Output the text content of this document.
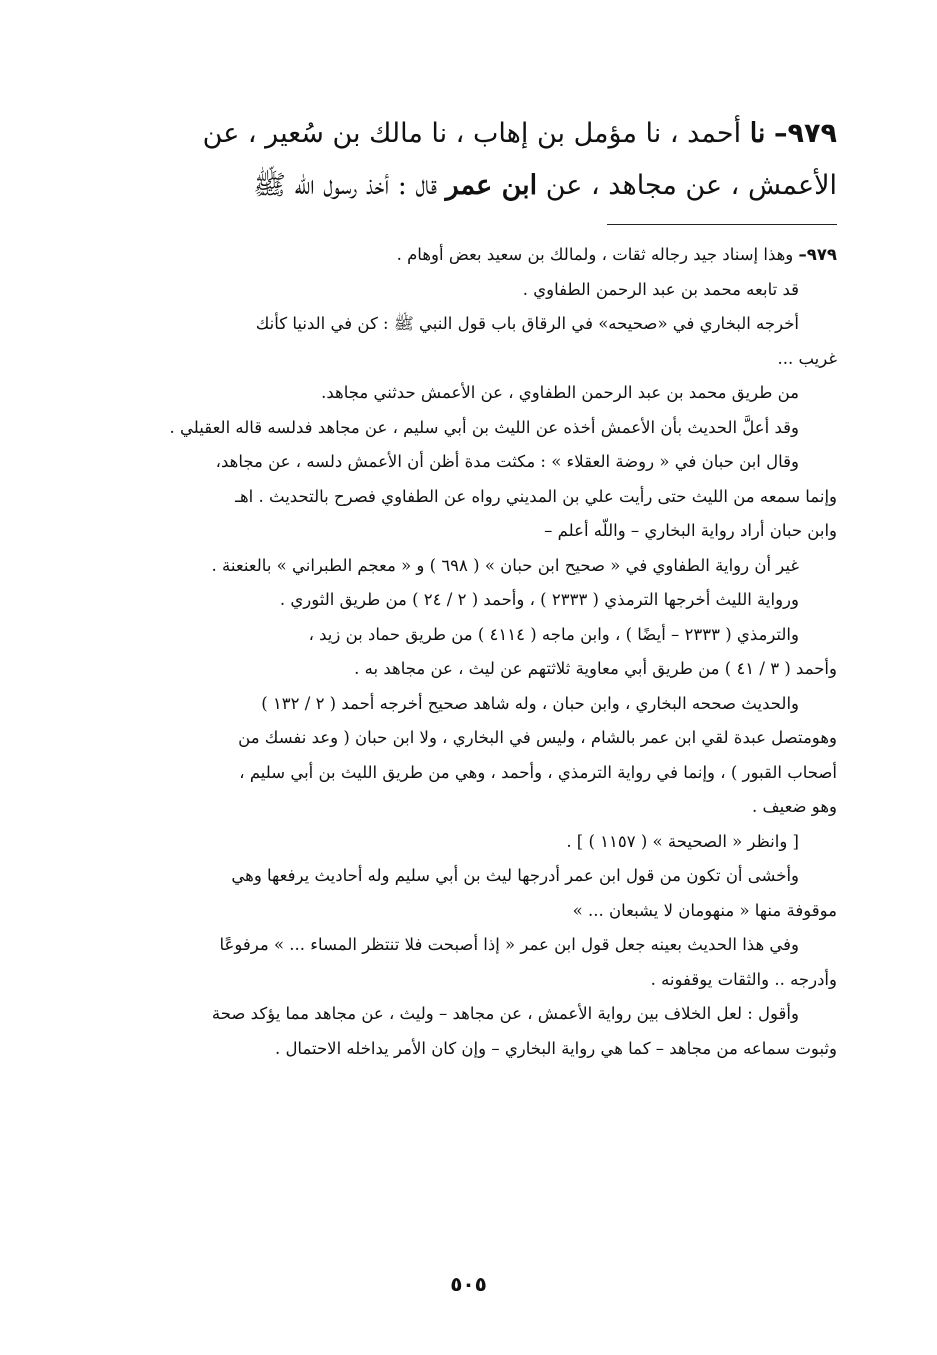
٩٧٩– نا أحمد ، نا مؤمل بن إهاب ، نا مالك بن سُعير ، عن
الأعمش ، عن مجاهد ، عن ابن عمر قال : أخذ رسول اللّه ﷺ
٩٧٩– وهذا إسناد جيد رجاله ثقات ، ولمالك بن سعيد بعض أوهام .
قد تابعه محمد بن عبد الرحمن الطفاوي .
أخرجه البخاري في «صحيحه» في الرقاق باب قول النبي ﷺ : كن في الدنيا كأنك
غريب ...
من طريق محمد بن عبد الرحمن الطفاوي ، عن الأعمش حدثني مجاهد.
وقد أعلَّ الحديث بأن الأعمش أخذه عن الليث بن أبي سليم ، عن مجاهد فدلسه قاله العقيلي .
وقال ابن حبان في « روضة العقلاء » : مكثت مدة أظن أن الأعمش دلسه ، عن مجاهد،
وإنما سمعه من الليث حتى رأيت علي بن المديني رواه عن الطفاوي فصرح بالتحديث . اهـ
وابن حبان أراد رواية البخاري – واللّه أعلم –
غير أن رواية الطفاوي في « صحيح ابن حبان » ( ٦٩٨ ) و « معجم الطبراني » بالعنعنة .
ورواية الليث أخرجها الترمذي ( ٢٣٣٣ ) ، وأحمد ( ٢ / ٢٤ ) من طريق الثوري .
والترمذي ( ٢٣٣٣ – أيضًا ) ، وابن ماجه ( ٤١١٤ ) من طريق حماد بن زيد ،
وأحمد ( ٣ / ٤١ ) من طريق أبي معاوية ثلاثتهم عن ليث ، عن مجاهد به .
والحديث صححه البخاري ، وابن حبان ، وله شاهد صحيح أخرجه أحمد ( ٢ / ١٣٢ )
وهومتصل عبدة لقي ابن عمر بالشام ، وليس في البخاري ، ولا ابن حبان ( وعد نفسك من
أصحاب القبور ) ، وإنما في رواية الترمذي ، وأحمد ، وهي من طريق الليث بن أبي سليم ،
وهو ضعيف .
[ وانظر « الصحيحة » ( ١١٥٧ ) ] .
وأخشى أن تكون من قول ابن عمر أدرجها ليث بن أبي سليم وله أحاديث يرفعها وهي
موقوفة منها « منهومان لا يشبعان ... »
وفي هذا الحديث بعينه جعل قول ابن عمر « إذا أصبحت فلا تنتظر المساء ... » مرفوعًا
وأدرجه .. والثقات يوقفونه .
وأقول : لعل الخلاف بين رواية الأعمش ، عن مجاهد – وليث ، عن مجاهد مما يؤكد صحة
وثبوت سماعه من مجاهد – كما هي رواية البخاري – وإن كان الأمر يداخله الاحتمال .
٥٠٥
